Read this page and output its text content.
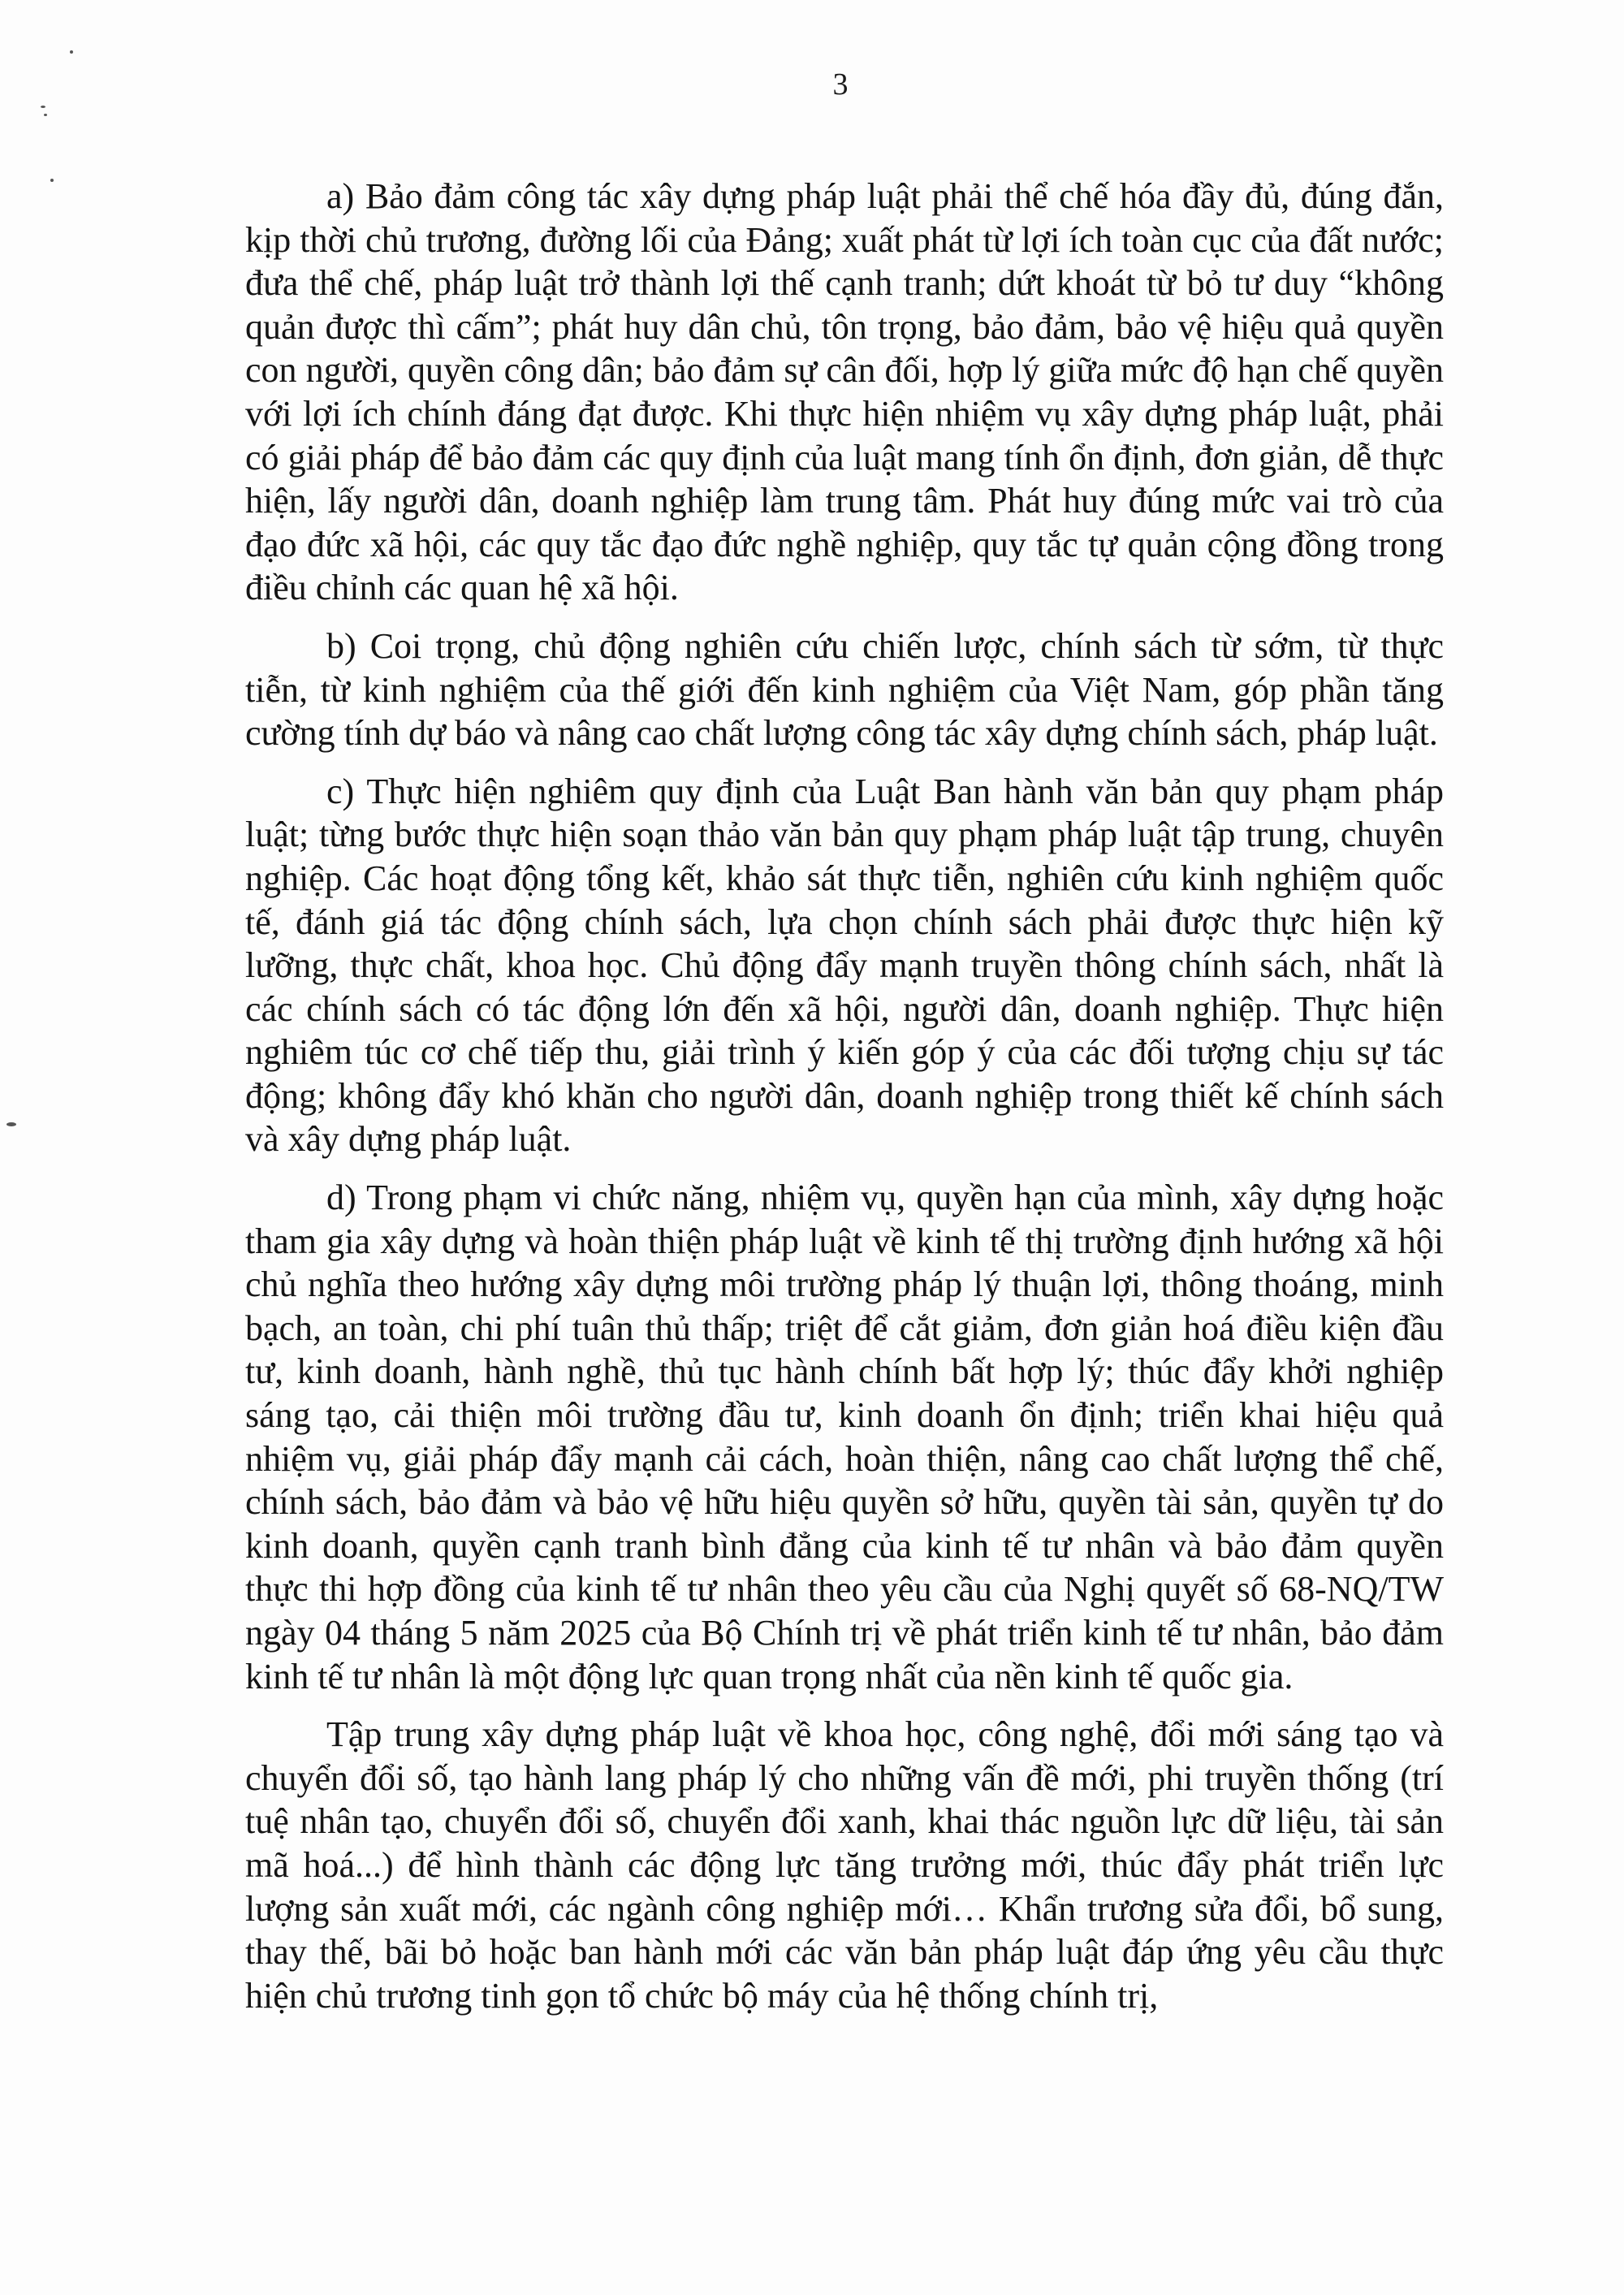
3

a) Bảo đảm công tác xây dựng pháp luật phải thể chế hóa đầy đủ, đúng đắn, kịp thời chủ trương, đường lối của Đảng; xuất phát từ lợi ích toàn cục của đất nước; đưa thể chế, pháp luật trở thành lợi thế cạnh tranh; dứt khoát từ bỏ tư duy “không quản được thì cấm”; phát huy dân chủ, tôn trọng, bảo đảm, bảo vệ hiệu quả quyền con người, quyền công dân; bảo đảm sự cân đối, hợp lý giữa mức độ hạn chế quyền với lợi ích chính đáng đạt được. Khi thực hiện nhiệm vụ xây dựng pháp luật, phải có giải pháp để bảo đảm các quy định của luật mang tính ổn định, đơn giản, dễ thực hiện, lấy người dân, doanh nghiệp làm trung tâm. Phát huy đúng mức vai trò của đạo đức xã hội, các quy tắc đạo đức nghề nghiệp, quy tắc tự quản cộng đồng trong điều chỉnh các quan hệ xã hội.

b) Coi trọng, chủ động nghiên cứu chiến lược, chính sách từ sớm, từ thực tiễn, từ kinh nghiệm của thế giới đến kinh nghiệm của Việt Nam, góp phần tăng cường tính dự báo và nâng cao chất lượng công tác xây dựng chính sách, pháp luật.

c) Thực hiện nghiêm quy định của Luật Ban hành văn bản quy phạm pháp luật; từng bước thực hiện soạn thảo văn bản quy phạm pháp luật tập trung, chuyên nghiệp. Các hoạt động tổng kết, khảo sát thực tiễn, nghiên cứu kinh nghiệm quốc tế, đánh giá tác động chính sách, lựa chọn chính sách phải được thực hiện kỹ lưỡng, thực chất, khoa học. Chủ động đẩy mạnh truyền thông chính sách, nhất là các chính sách có tác động lớn đến xã hội, người dân, doanh nghiệp. Thực hiện nghiêm túc cơ chế tiếp thu, giải trình ý kiến góp ý của các đối tượng chịu sự tác động; không đẩy khó khăn cho người dân, doanh nghiệp trong thiết kế chính sách và xây dựng pháp luật.

d) Trong phạm vi chức năng, nhiệm vụ, quyền hạn của mình, xây dựng hoặc tham gia xây dựng và hoàn thiện pháp luật về kinh tế thị trường định hướng xã hội chủ nghĩa theo hướng xây dựng môi trường pháp lý thuận lợi, thông thoáng, minh bạch, an toàn, chi phí tuân thủ thấp; triệt để cắt giảm, đơn giản hoá điều kiện đầu tư, kinh doanh, hành nghề, thủ tục hành chính bất hợp lý; thúc đẩy khởi nghiệp sáng tạo, cải thiện môi trường đầu tư, kinh doanh ổn định; triển khai hiệu quả nhiệm vụ, giải pháp đẩy mạnh cải cách, hoàn thiện, nâng cao chất lượng thể chế, chính sách, bảo đảm và bảo vệ hữu hiệu quyền sở hữu, quyền tài sản, quyền tự do kinh doanh, quyền cạnh tranh bình đẳng của kinh tế tư nhân và bảo đảm quyền thực thi hợp đồng của kinh tế tư nhân theo yêu cầu của Nghị quyết số 68-NQ/TW ngày 04 tháng 5 năm 2025 của Bộ Chính trị về phát triển kinh tế tư nhân, bảo đảm kinh tế tư nhân là một động lực quan trọng nhất của nền kinh tế quốc gia.

Tập trung xây dựng pháp luật về khoa học, công nghệ, đổi mới sáng tạo và chuyển đổi số, tạo hành lang pháp lý cho những vấn đề mới, phi truyền thống (trí tuệ nhân tạo, chuyển đổi số, chuyển đổi xanh, khai thác nguồn lực dữ liệu, tài sản mã hoá...) để hình thành các động lực tăng trưởng mới, thúc đẩy phát triển lực lượng sản xuất mới, các ngành công nghiệp mới… Khẩn trương sửa đổi, bổ sung, thay thế, bãi bỏ hoặc ban hành mới các văn bản pháp luật đáp ứng yêu cầu thực hiện chủ trương tinh gọn tổ chức bộ máy của hệ thống chính trị,
